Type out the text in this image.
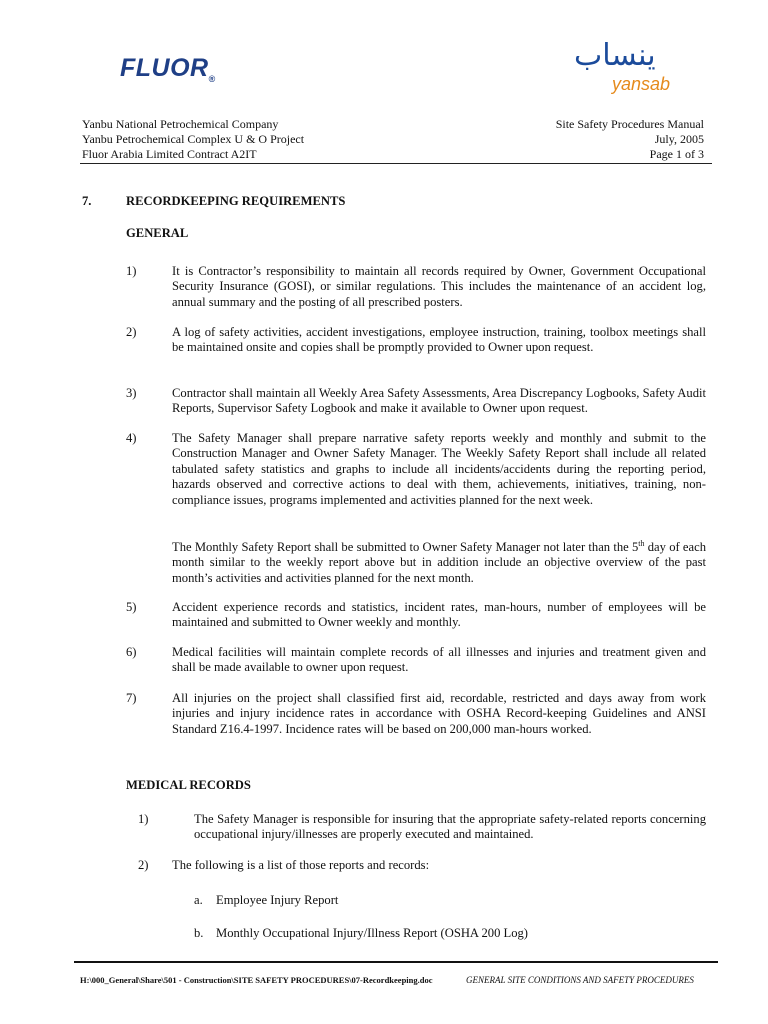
$FLUOR_®$
ينساب
yansab
Yanbu National Petrochemical Company
Yanbu Petrochemical Complex U & O Project
Fluor Arabia Limited Contract A2IT
Site Safety Procedures Manual
July, 2005
Page 1 of 3
7.	RECORDKEEPING REQUIREMENTS
GENERAL
1)	It is Contractor’s responsibility to maintain all records required by Owner, Government Occupational Security Insurance (GOSI), or similar regulations. This includes the maintenance of an accident log, annual summary and the posting of all prescribed posters.
2)	A log of safety activities, accident investigations, employee instruction, training, toolbox meetings shall be maintained onsite and copies shall be promptly provided to Owner upon request.
3)	Contractor shall maintain all Weekly Area Safety Assessments, Area Discrepancy Logbooks, Safety Audit Reports, Supervisor Safety Logbook and make it available to Owner upon request.
4)	The Safety Manager shall prepare narrative safety reports weekly and monthly and submit to the Construction Manager and Owner Safety Manager. The Weekly Safety Report shall include all related tabulated safety statistics and graphs to include all incidents/accidents during the reporting period, hazards observed and corrective actions to deal with them, achievements, initiatives, training, non-compliance issues, programs implemented and activities planned for the next week.
The Monthly Safety Report shall be submitted to Owner Safety Manager not later than the 5th day of each month similar to the weekly report above but in addition include an objective overview of the past month’s activities and activities planned for the next month.
5)	Accident experience records and statistics, incident rates, man-hours, number of employees will be maintained and submitted to Owner weekly and monthly.
6)	Medical facilities will maintain complete records of all illnesses and injuries and treatment given and shall be made available to owner upon request.
7)	All injuries on the project shall classified first aid, recordable, restricted and days away from work injuries and injury incidence rates in accordance with OSHA Record-keeping Guidelines and ANSI Standard Z16.4-1997. Incidence rates will be based on 200,000 man-hours worked.
MEDICAL RECORDS
1)	The Safety Manager is responsible for insuring that the appropriate safety-related reports concerning occupational injury/illnesses are properly executed and maintained.
2) The following is a list of those reports and records:
a. Employee Injury Report
b. Monthly Occupational Injury/Illness Report (OSHA 200 Log)
H:\000_General\Share\501 - Construction\SITE SAFETY PROCEDURES\07-Recordkeeping.doc	GENERAL SITE CONDITIONS AND SAFETY PROCEDURES
